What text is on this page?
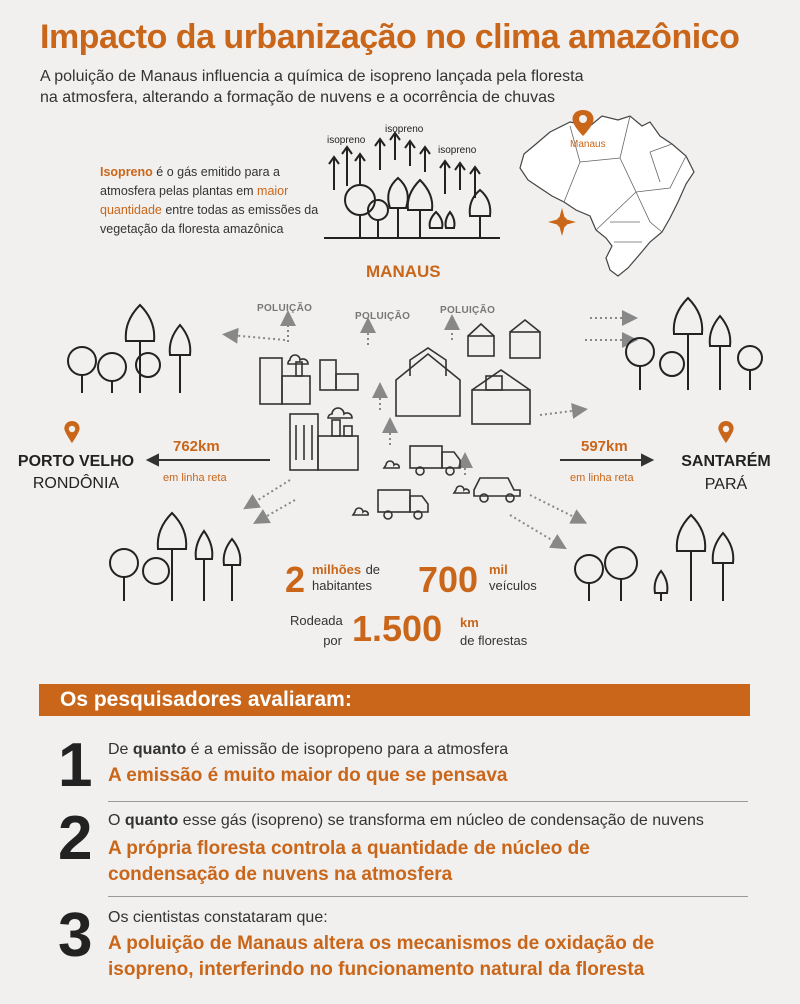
Impacto da urbanização no clima amazônico
A poluição de Manaus influencia a química de isopreno lançada pela floresta na atmosfera, alterando a formação de nuvens e a ocorrência de chuvas
Isopreno é o gás emitido para a atmosfera pelas plantas em maior quantidade entre todas as emissões da vegetação da floresta amazônica
isopreno
isopreno
isopreno
Manaus
MANAUS
POLUIÇÃO
POLUIÇÃO
POLUIÇÃO
PORTO VELHO
RONDÔNIA
762km
em linha reta
SANTARÉM
PARÁ
597km
em linha reta
2 milhões de
habitantes 700 mil
veículos
Rodeada
por 1.500 km
de florestas
Os pesquisadores avaliaram:
1 De quanto é a emissão de isopropeno para a atmosfera
A emissão é muito maior do que se pensava
2 O quanto esse gás (isopreno) se transforma em núcleo de condensação de nuvens
A própria floresta controla a quantidade de núcleo de condensação de nuvens na atmosfera
3 Os cientistas constataram que:
A poluição de Manaus altera os mecanismos de oxidação de isopreno, interferindo no funcionamento natural da floresta
